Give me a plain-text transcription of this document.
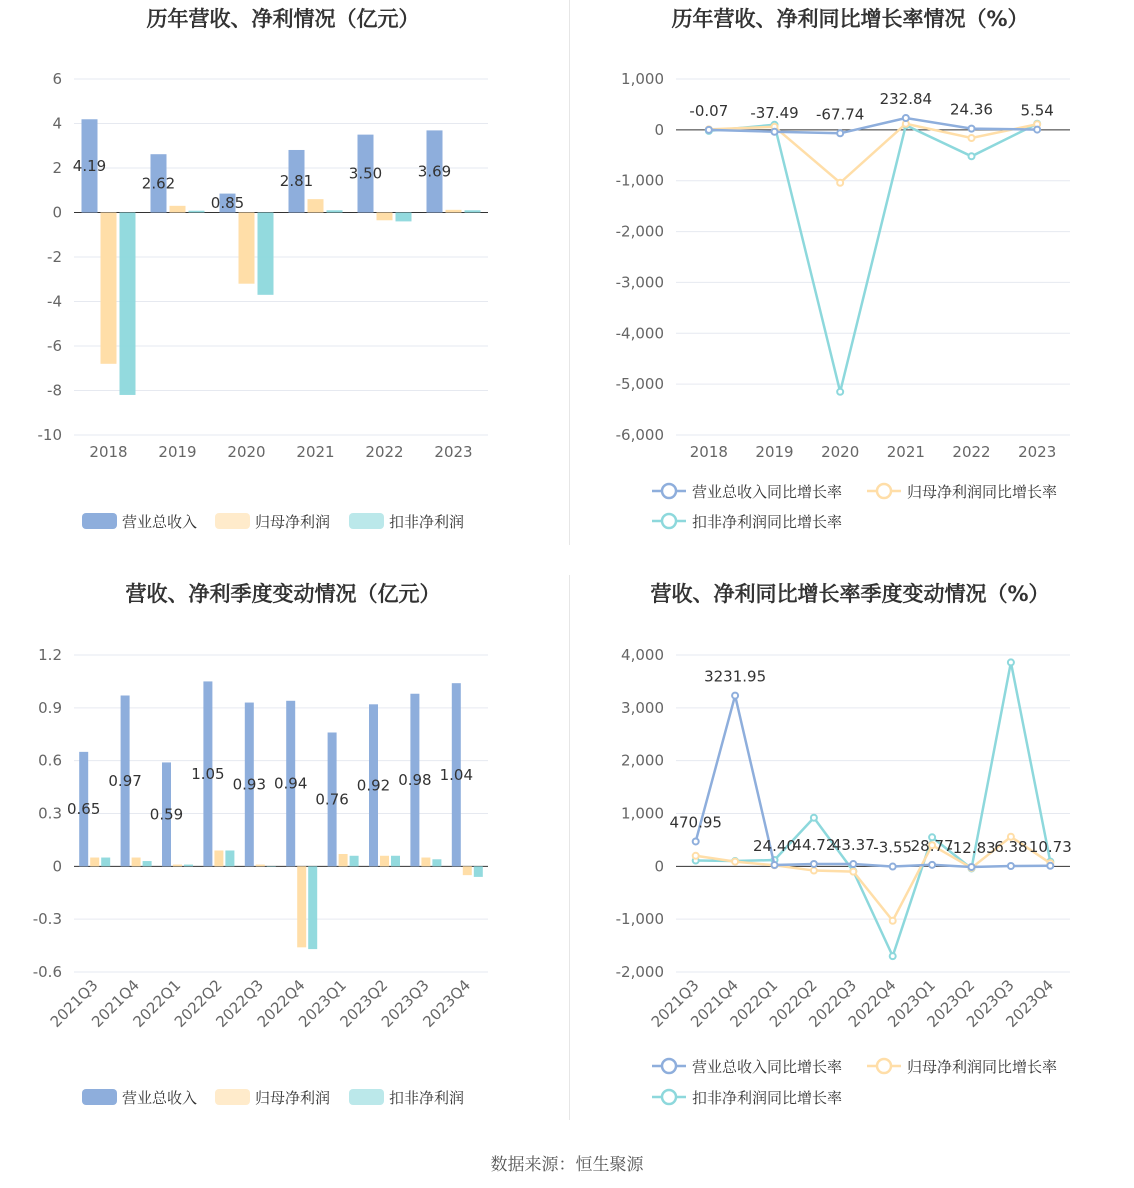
历年营收、净利情况（亿元）
6
4
2
0
-2
-4
-6
-8
-10
4.19
2.62
0.85
2.81 3.50 3.69
2018 2019 2020 2021 2022 2023
营业总收入	归母净利润	扣非净利润
历年营收、净利同比增长率情况（%）
1,000
0
-1,000
-2,000
-3,000
-4,000
-5,000
-6,000
-0.07 -37.49 -67.74
232.84
24.36 5.54
2018 2019 2020 2021 2022 2023
营业总收入同比增长率	归母净利润同比增长率
扣非净利润同比增长率
营收、净利季度变动情况（亿元）
1.2
0.9
0.6
0.3
0
-0.3
-0.6
0.65
0.97
0.59
1.05
0.93 0.94
0.76
0.92 0.98 1.04
2021Q3
2021Q4
2022Q1
2022Q2
2022Q3
2022Q4
2023Q1
2023Q2
2023Q3
2023Q4
营业总收入	归母净利润	扣非净利润
营收、净利同比增长率季度变动情况（%）
4,000
3,000
2,000
1,000
0
-1,000
-2,000
470.95
3231.95
24.40
44.72
43.37
-3.55
28.77
-12.83
6.38 10.73
2021Q3
2021Q4
2022Q1
2022Q2
2022Q3
2022Q4
2023Q1
2023Q2
2023Q3
2023Q4
营业总收入同比增长率	归母净利润同比增长率
扣非净利润同比增长率
数据来源：恒生聚源
